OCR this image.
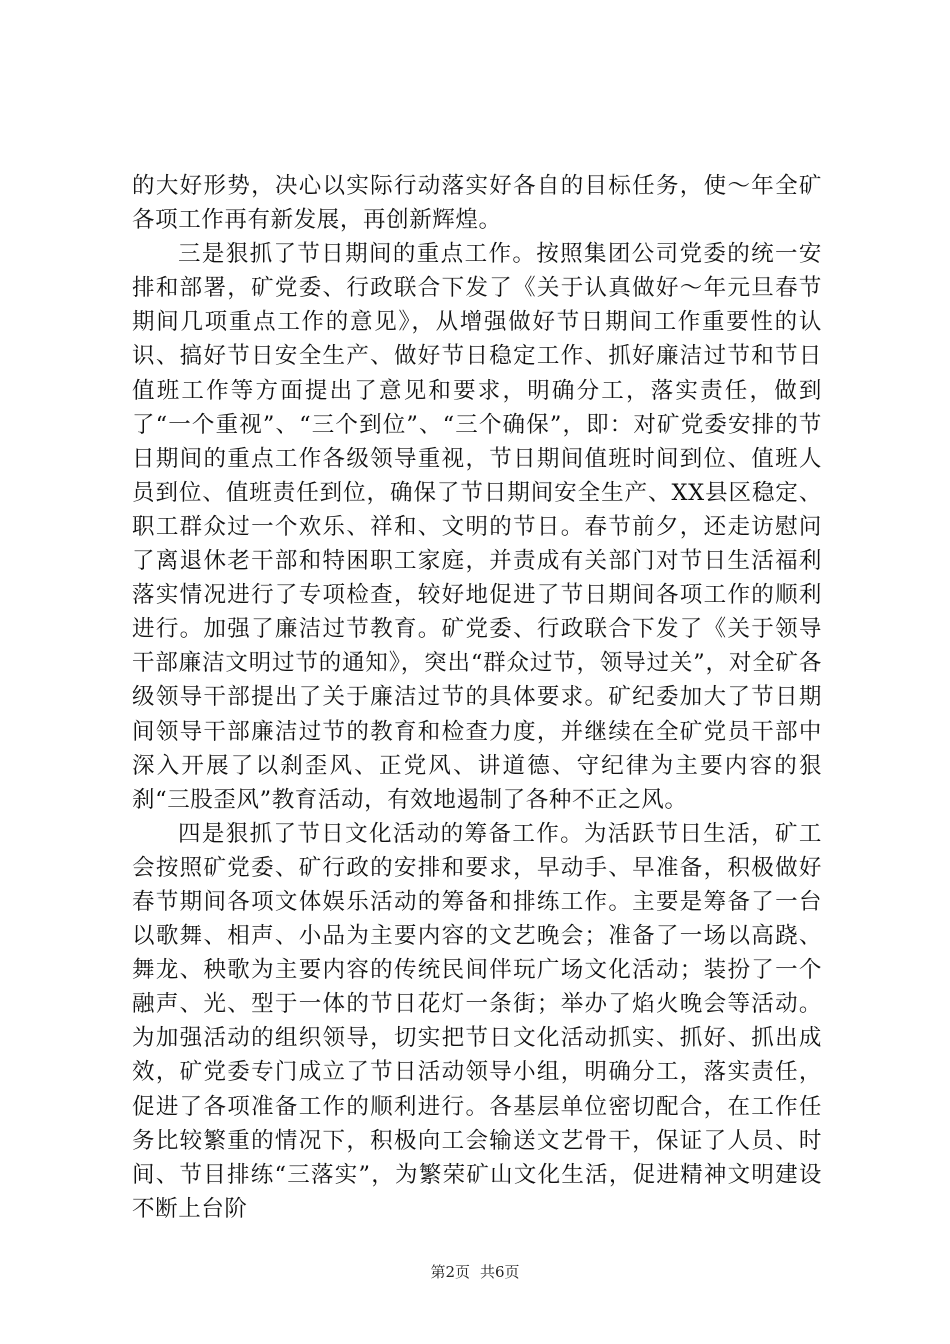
的大好形势，决心以实际行动落实好各自的目标任务，使～年全矿各项工作再有新发展，再创新辉煌。

三是狠抓了节日期间的重点工作。按照集团公司党委的统一安排和部署，矿党委、行政联合下发了《关于认真做好～年元旦春节期间几项重点工作的意见》，从增强做好节日期间工作重要性的认识、搞好节日安全生产、做好节日稳定工作、抓好廉洁过节和节日值班工作等方面提出了意见和要求，明确分工，落实责任，做到了“一个重视”、“三个到位”、“三个确保”，即：对矿党委安排的节日期间的重点工作各级领导重视，节日期间值班时间到位、值班人员到位、值班责任到位，确保了节日期间安全生产、XX县区稳定、职工群众过一个欢乐、祥和、文明的节日。春节前夕，还走访慰问了离退休老干部和特困职工家庭，并责成有关部门对节日生活福利落实情况进行了专项检查，较好地促进了节日期间各项工作的顺利进行。加强了廉洁过节教育。矿党委、行政联合下发了《关于领导干部廉洁文明过节的通知》，突出“群众过节，领导过关”，对全矿各级领导干部提出了关于廉洁过节的具体要求。矿纪委加大了节日期间领导干部廉洁过节的教育和检查力度，并继续在全矿党员干部中深入开展了以刹歪风、正党风、讲道德、守纪律为主要内容的狠刹“三股歪风”教育活动，有效地遏制了各种不正之风。

四是狠抓了节日文化活动的筹备工作。为活跃节日生活，矿工会按照矿党委、矿行政的安排和要求，早动手、早准备，积极做好春节期间各项文体娱乐活动的筹备和排练工作。主要是筹备了一台以歌舞、相声、小品为主要内容的文艺晚会；准备了一场以高跷、舞龙、秧歌为主要内容的传统民间伴玩广场文化活动；装扮了一个融声、光、型于一体的节日花灯一条街；举办了焰火晚会等活动。为加强活动的组织领导，切实把节日文化活动抓实、抓好、抓出成效，矿党委专门成立了节日活动领导小组，明确分工，落实责任，促进了各项准备工作的顺利进行。各基层单位密切配合，在工作任务比较繁重的情况下，积极向工会输送文艺骨干，保证了人员、时间、节目排练“三落实”，为繁荣矿山文化生活，促进精神文明建设不断上台阶

第2页 共6页
